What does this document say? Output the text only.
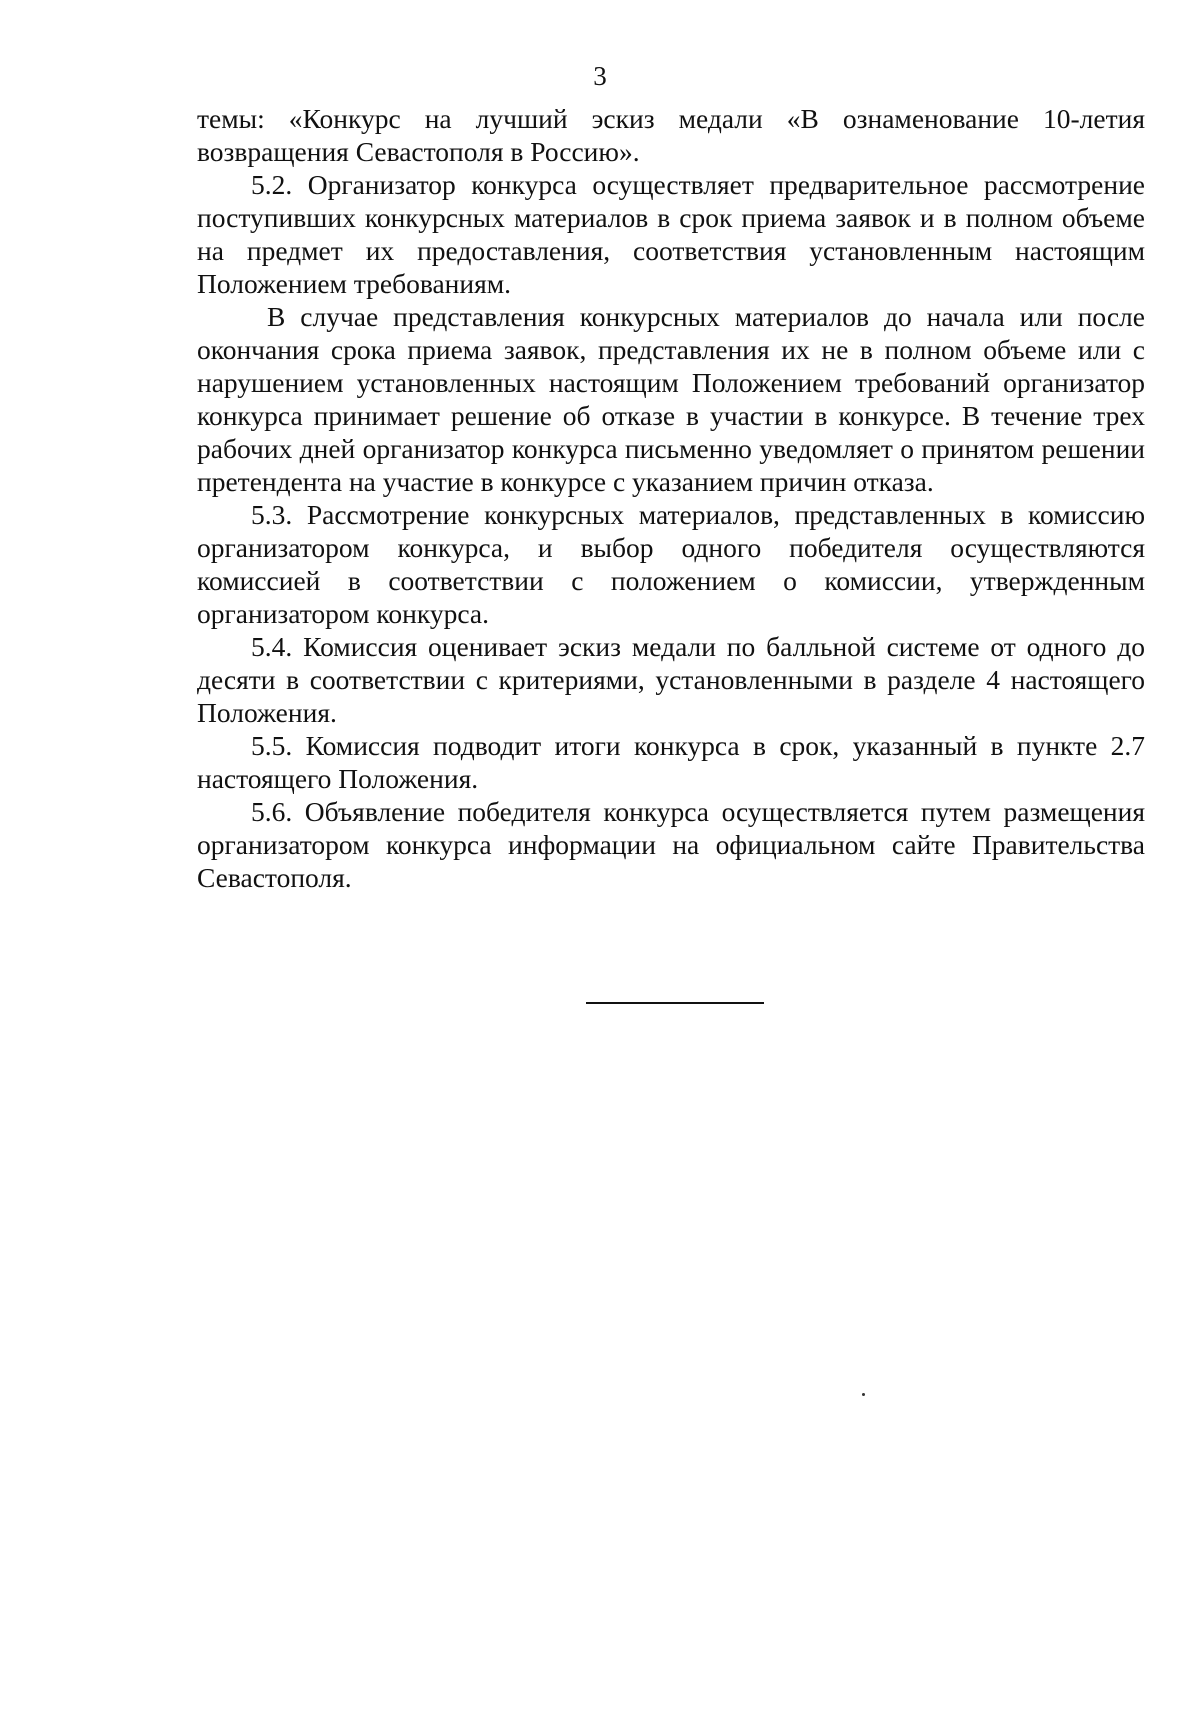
3

темы: «Конкурс на лучший эскиз медали «В ознаменование 10-летия возвращения Севастополя в Россию».

5.2. Организатор конкурса осуществляет предварительное рассмотрение поступивших конкурсных материалов в срок приема заявок и в полном объеме на предмет их предоставления, соответствия установленным настоящим Положением требованиям.

В случае представления конкурсных материалов до начала или после окончания срока приема заявок, представления их не в полном объеме или с нарушением установленных настоящим Положением требований организатор конкурса принимает решение об отказе в участии в конкурсе. В течение трех рабочих дней организатор конкурса письменно уведомляет о принятом решении претендента на участие в конкурсе с указанием причин отказа.

5.3. Рассмотрение конкурсных материалов, представленных в комиссию организатором конкурса, и выбор одного победителя осуществляются комиссией в соответствии с положением о комиссии, утвержденным организатором конкурса.

5.4. Комиссия оценивает эскиз медали по балльной системе от одного до десяти в соответствии с критериями, установленными в разделе 4 настоящего Положения.

5.5. Комиссия подводит итоги конкурса в срок, указанный в пункте 2.7 настоящего Положения.

5.6. Объявление победителя конкурса осуществляется путем размещения организатором конкурса информации на официальном сайте Правительства Севастополя.
